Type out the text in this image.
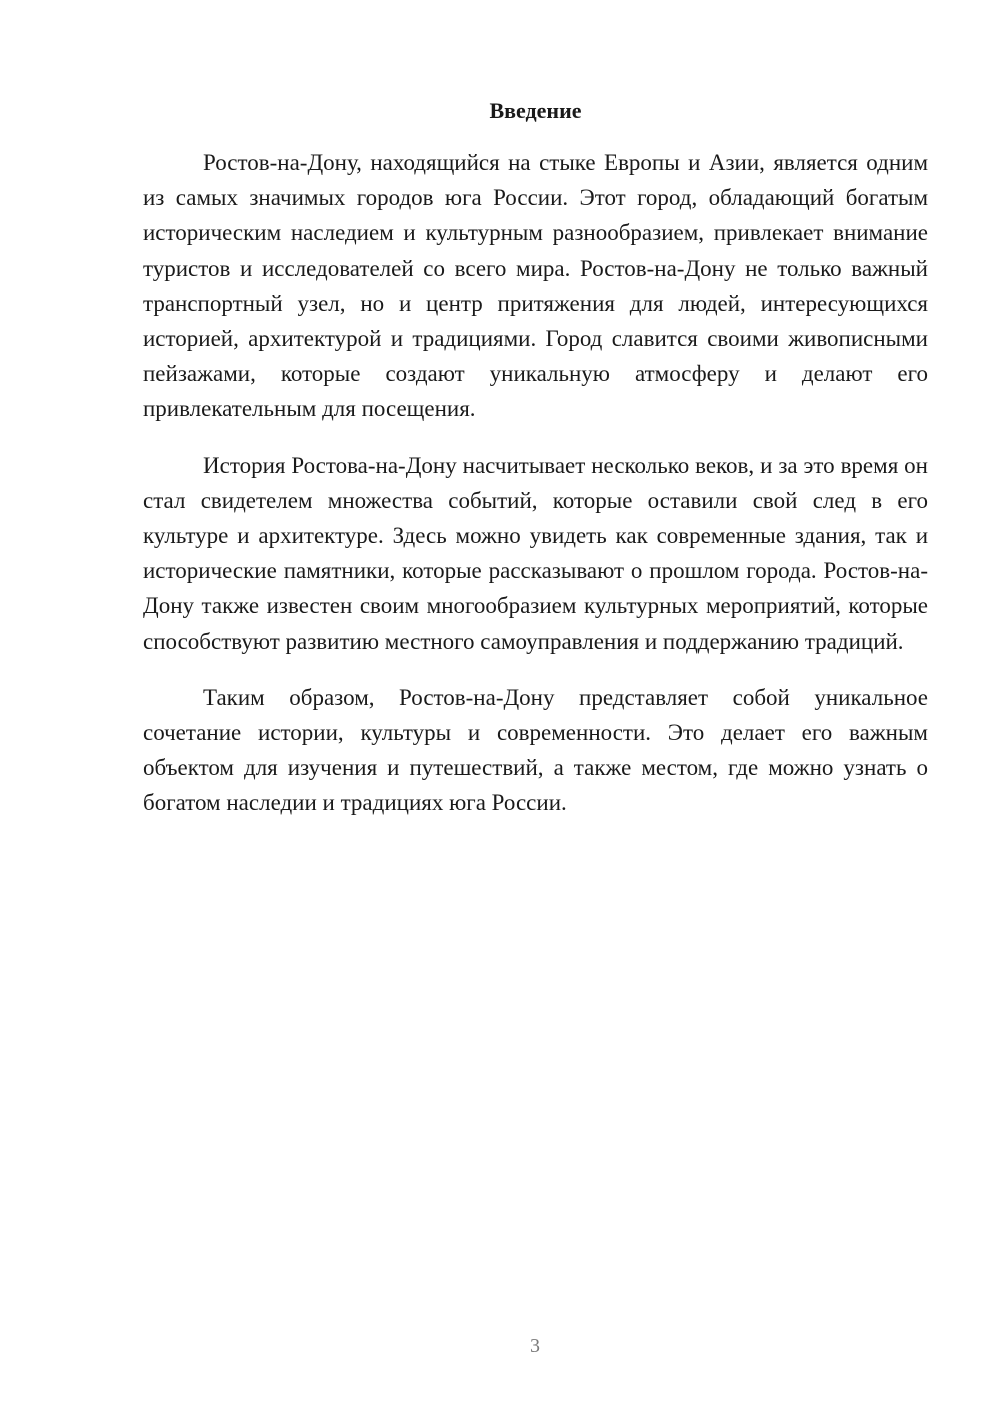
Введение

Ростов-на-Дону, находящийся на стыке Европы и Азии, является одним из самых значимых городов юга России. Этот город, обладающий богатым историческим наследием и культурным разнообразием, привлекает внимание туристов и исследователей со всего мира. Ростов-на-Дону не только важный транспортный узел, но и центр притяжения для людей, интересующихся историей, архитектурой и традициями. Город славится своими живописными пейзажами, которые создают уникальную атмосферу и делают его привлекательным для посещения.

История Ростова-на-Дону насчитывает несколько веков, и за это время он стал свидетелем множества событий, которые оставили свой след в его культуре и архитектуре. Здесь можно увидеть как современные здания, так и исторические памятники, которые рассказывают о прошлом города. Ростов-на-Дону также известен своим многообразием культурных мероприятий, которые способствуют развитию местного самоуправления и поддержанию традиций.

Таким образом, Ростов-на-Дону представляет собой уникальное сочетание истории, культуры и современности. Это делает его важным объектом для изучения и путешествий, а также местом, где можно узнать о богатом наследии и традициях юга России.

3
